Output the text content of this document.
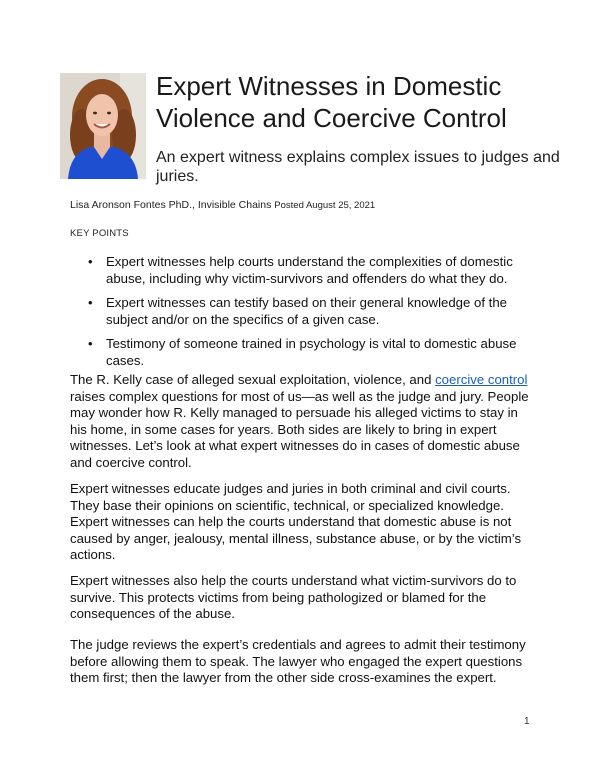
Expert Witnesses in Domestic Violence and Coercive Control

An expert witness explains complex issues to judges and juries.

Lisa Aronson Fontes PhD., Invisible Chains Posted August 25, 2021
KEY POINTS
• Expert witnesses help courts understand the complexities of domestic abuse, including why victim-survivors and offenders do what they do.
• Expert witnesses can testify based on their general knowledge of the subject and/or on the specifics of a given case.
• Testimony of someone trained in psychology is vital to domestic abuse cases.

The R. Kelly case of alleged sexual exploitation, violence, and coercive control raises complex questions for most of us—as well as the judge and jury. People may wonder how R. Kelly managed to persuade his alleged victims to stay in his home, in some cases for years. Both sides are likely to bring in expert witnesses. Let’s look at what expert witnesses do in cases of domestic abuse and coercive control.

Expert witnesses educate judges and juries in both criminal and civil courts. They base their opinions on scientific, technical, or specialized knowledge. Expert witnesses can help the courts understand that domestic abuse is not caused by anger, jealousy, mental illness, substance abuse, or by the victim’s actions.

Expert witnesses also help the courts understand what victim-survivors do to survive. This protects victims from being pathologized or blamed for the consequences of the abuse.

The judge reviews the expert’s credentials and agrees to admit their testimony before allowing them to speak. The lawyer who engaged the expert questions them first; then the lawyer from the other side cross-examines the expert.

1
